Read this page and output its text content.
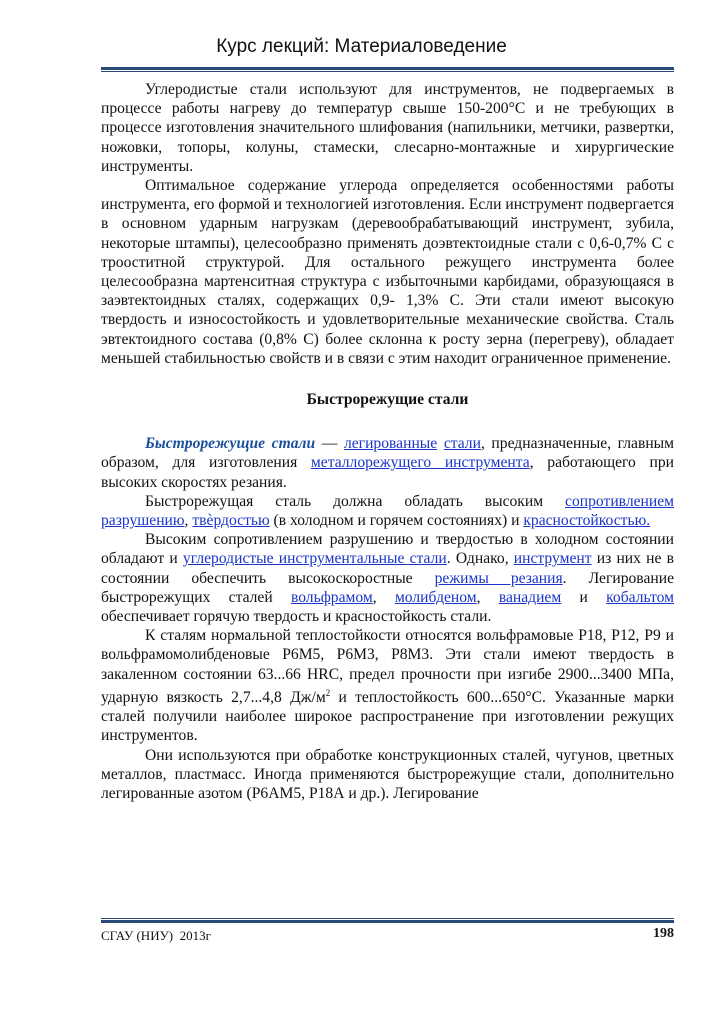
Курс лекций: Материаловедение

Углеродистые стали используют для инструментов, не подвергаемых в процессе работы нагреву до температур свыше 150-200°С и не требующих в процессе изготовления значительного шлифования (напильники, метчики, развертки, ножовки, топоры, колуны, стамески, слесарно-монтажные и хирургические инструменты.

Оптимальное содержание углерода определяется особенностями работы инструмента, его формой и технологией изготовления. Если инструмент подвергается в основном ударным нагрузкам (деревообрабатывающий инструмент, зубила, некоторые штампы), целесообразно применять доэвтектоидные стали с 0,6-0,7% С с трооститной структурой. Для остального режущего инструмента более целесообразна мартенситная структура с избыточными карбидами, образующаяся в заэвтектоидных сталях, содержащих 0,9- 1,3% С. Эти стали имеют высокую твердость и износостойкость и удовлетворительные механические свойства. Сталь эвтектоидного состава (0,8% С) более склонна к росту зерна (перегреву), обладает меньшей стабильностью свойств и в связи с этим находит ограниченное применение.

Быстрорежущие стали

Быстрорежущие стали — легированные стали, предназначенные, главным образом, для изготовления металлорежущего инструмента, работающего при высоких скоростях резания.

Быстрорежущая сталь должна обладать высоким сопротивлением разрушению, твѐрдостью (в холодном и горячем состояниях) и красностойкостью.

Высоким сопротивлением разрушению и твердостью в холодном состоянии обладают и углеродистые инструментальные стали. Однако, инструмент из них не в состоянии обеспечить высокоскоростные режимы резания. Легирование быстрорежущих сталей вольфрамом, молибденом, ванадием и кобальтом обеспечивает горячую твердость и красностойкость стали.

К сталям нормальной теплостойкости относятся вольфрамовые Р18, Р12, Р9 и вольфрамомолибденовые Р6М5, Р6М3, Р8М3. Эти стали имеют твердость в закаленном состоянии 63...66 HRC, предел прочности при изгибе 2900...3400 МПа, ударную вязкость 2,7...4,8 $Дж/м^2$ и теплостойкость 600...650°С. Указанные марки сталей получили наиболее широкое распространение при изготовлении режущих инструментов.

Они используются при обработке конструкционных сталей, чугунов, цветных металлов, пластмасс. Иногда применяются быстрорежущие стали, дополнительно легированные азотом (Р6АМ5, Р18А и др.). Легирование

СГАУ (НИУ)  2013г	198
